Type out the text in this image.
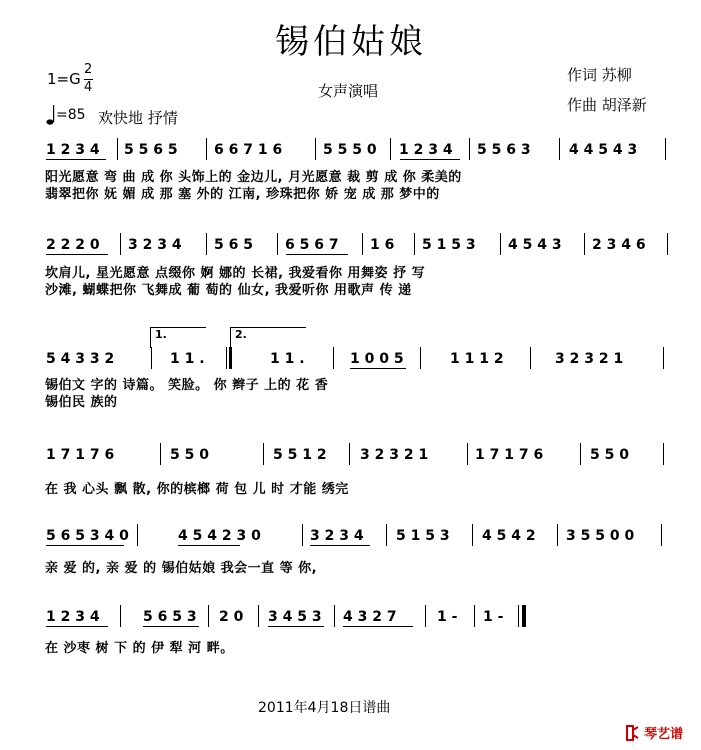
锡伯姑娘
1=G
2
4
=85 欢快地 抒情
女声演唱
作词 苏柳
作曲 胡泽新
1 2 3 4 5 5 6 5	6 6 7 1 6	5 5 5 0 1 2 3 4 5 5 6 3	4 4 5 4 3
阳光愿意 弯 曲 成 你 头饰上的 金边儿, 月光愿意 裁 剪 成 你 柔美的
翡翠把你 妩 媚 成 那 塞 外的 江南, 珍珠把你 娇 宠 成 那 梦中的
2 2 2 0 3 2 3 4 5 6 5 6 5 6 7 1 6 5 1 5 3 4 5 4 3 2 3 4 6
坎肩儿, 星光愿意 点缀你 婀 娜的 长裙, 我爱看你 用舞姿 抒 写
沙滩, 蝴蝶把你 飞舞成 葡 萄的 仙女, 我爱听你 用歌声 传 递
1.	2.
5 4 3 3 2	1 1 .	1 1 .	1 0 0 5	1 1 1 2	3 2 3 2 1
锡伯文 字的 诗篇。 笑脸。 你 辫子 上的 花 香
锡伯民 族的
1 7 1 7 6	5 5 0	5 5 1 2 3 2 3 2 1	1 7 1 7 6	5 5 0
在 我 心头 飘 散, 你的槟榔 荷 包 儿 时 才能 绣完
5 6 5 3 4 0	4 5 4 2 3 0	3 2 3 4 5 1 5 3 4 5 4 2 3 5 5 0 0
亲 爱 的, 亲 爱 的 锡伯姑娘 我会一直 等 你,
1 2 3 4	5 6 5 3 2 0 3 4 5 3 4 3 2 7	1 - 1 -
在 沙枣 树 下 的 伊 犁 河 畔。
2011年4月18日谱曲
琴艺谱
